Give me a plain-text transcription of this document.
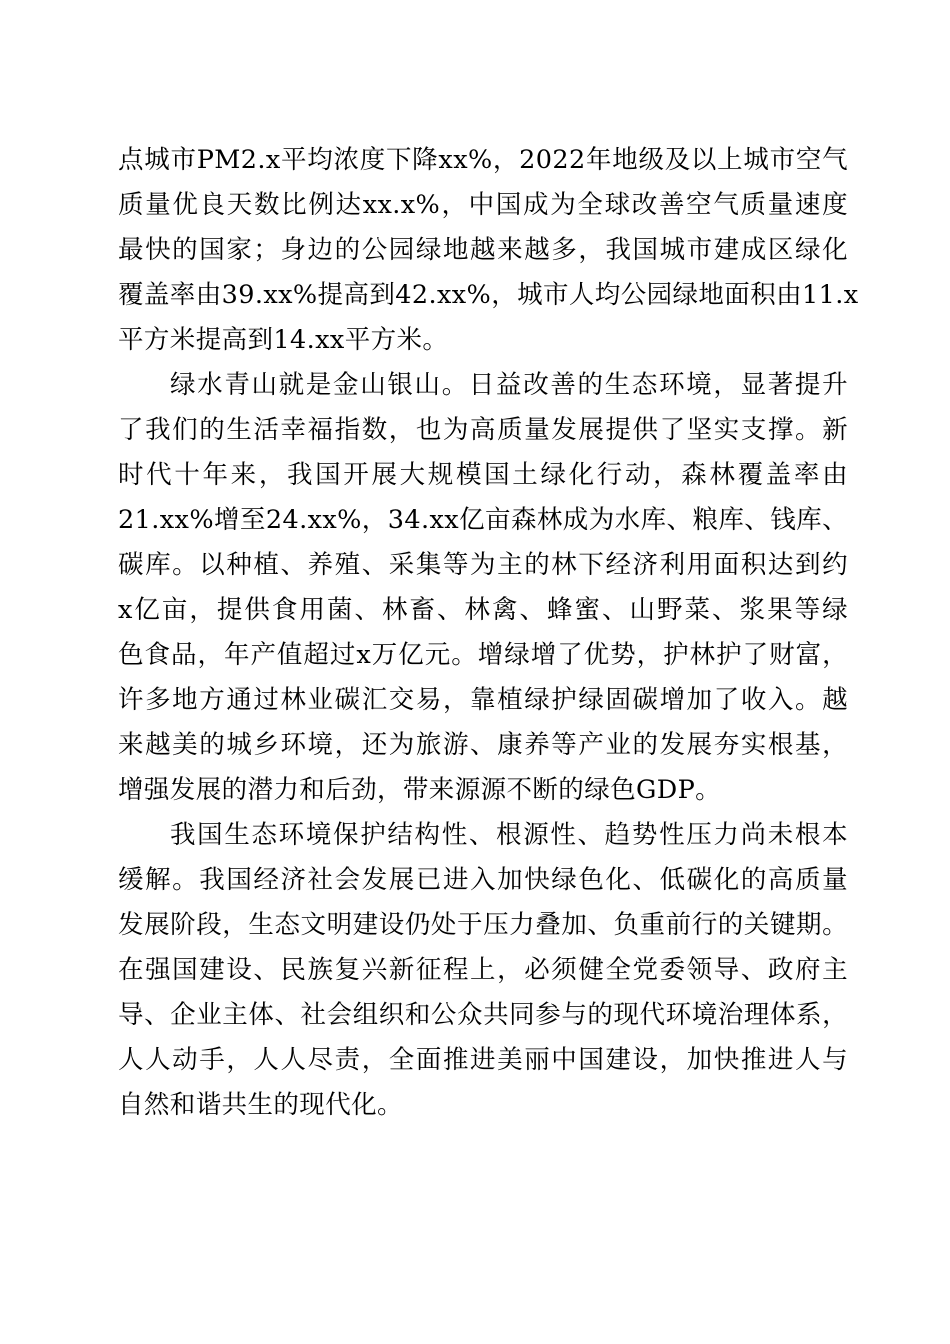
点城市PM2.x平均浓度下降xx%，2022年地级及以上城市空气
质量优良天数比例达xx.x%，中国成为全球改善空气质量速度
最快的国家；身边的公园绿地越来越多，我国城市建成区绿化
覆盖率由39.xx%提高到42.xx%，城市人均公园绿地面积由11.x
平方米提高到14.xx平方米。
绿水青山就是金山银山。日益改善的生态环境，显著提升
了我们的生活幸福指数，也为高质量发展提供了坚实支撑。新
时代十年来，我国开展大规模国土绿化行动，森林覆盖率由
21.xx%增至24.xx%，34.xx亿亩森林成为水库、粮库、钱库、
碳库。以种植、养殖、采集等为主的林下经济利用面积达到约
x亿亩，提供食用菌、林畜、林禽、蜂蜜、山野菜、浆果等绿
色食品，年产值超过x万亿元。增绿增了优势，护林护了财富，
许多地方通过林业碳汇交易，靠植绿护绿固碳增加了收入。越
来越美的城乡环境，还为旅游、康养等产业的发展夯实根基，
增强发展的潜力和后劲，带来源源不断的绿色GDP。
我国生态环境保护结构性、根源性、趋势性压力尚未根本
缓解。我国经济社会发展已进入加快绿色化、低碳化的高质量
发展阶段，生态文明建设仍处于压力叠加、负重前行的关键期。
在强国建设、民族复兴新征程上，必须健全党委领导、政府主
导、企业主体、社会组织和公众共同参与的现代环境治理体系，
人人动手，人人尽责，全面推进美丽中国建设，加快推进人与
自然和谐共生的现代化。
